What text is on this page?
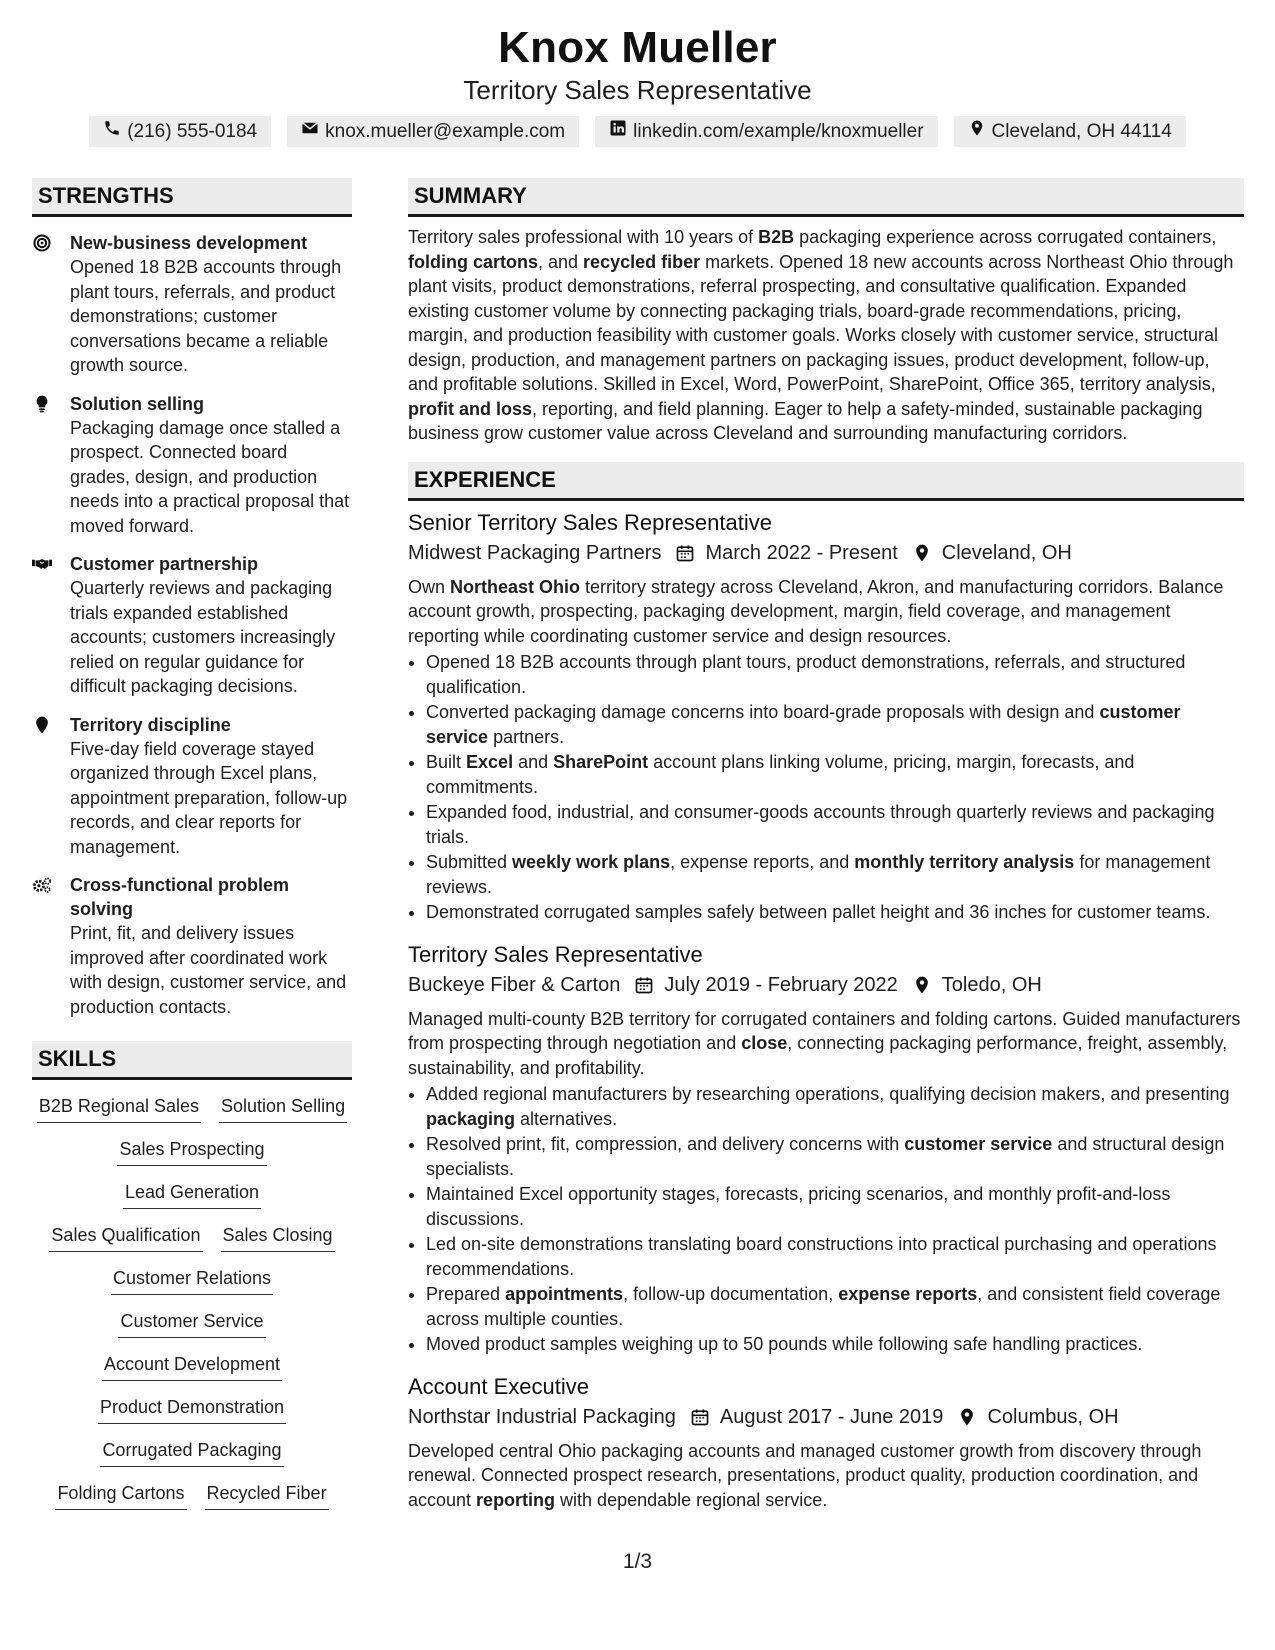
Knox Mueller
Territory Sales Representative
(216) 555-0184	knox.mueller@example.com	linkedin.com/example/knoxmueller	Cleveland, OH 44114
STRENGTHS
New-business development
Opened 18 B2B accounts through plant tours, referrals, and product demonstrations; customer conversations became a reliable growth source.
Solution selling
Packaging damage once stalled a prospect. Connected board grades, design, and production needs into a practical proposal that moved forward.
Customer partnership
Quarterly reviews and packaging trials expanded established accounts; customers increasingly relied on regular guidance for difficult packaging decisions.
Territory discipline
Five-day field coverage stayed organized through Excel plans, appointment preparation, follow-up records, and clear reports for management.
Cross-functional problem solving
Print, fit, and delivery issues improved after coordinated work with design, customer service, and production contacts.
SKILLS
B2B Regional Sales Solution Selling
Sales Prospecting
Lead Generation
Sales Qualification Sales Closing
Customer Relations
Customer Service
Account Development
Product Demonstration
Corrugated Packaging
Folding Cartons Recycled Fiber
SUMMARY

Territory sales professional with 10 years of B2B packaging experience across corrugated containers, folding cartons, and recycled fiber markets. Opened 18 new accounts across Northeast Ohio through plant visits, product demonstrations, referral prospecting, and consultative qualification. Expanded existing customer volume by connecting packaging trials, board-grade recommendations, pricing, margin, and production feasibility with customer goals. Works closely with customer service, structural design, production, and management partners on packaging issues, product development, follow-up, and profitable solutions. Skilled in Excel, Word, PowerPoint, SharePoint, Office 365, territory analysis, profit and loss, reporting, and field planning. Eager to help a safety-minded, sustainable packaging business grow customer value across Cleveland and surrounding manufacturing corridors.

EXPERIENCE
Senior Territory Sales Representative
Midwest Packaging Partners March 2022 - Present Cleveland, OH

Own Northeast Ohio territory strategy across Cleveland, Akron, and manufacturing corridors. Balance account growth, prospecting, packaging development, margin, field coverage, and management reporting while coordinating customer service and design resources.

• Opened 18 B2B accounts through plant tours, product demonstrations, referrals, and structured qualification.
• Converted packaging damage concerns into board-grade proposals with design and customer service partners.
• Built Excel and SharePoint account plans linking volume, pricing, margin, forecasts, and commitments.
• Expanded food, industrial, and consumer-goods accounts through quarterly reviews and packaging trials.
• Submitted weekly work plans, expense reports, and monthly territory analysis for management reviews.
• Demonstrated corrugated samples safely between pallet height and 36 inches for customer teams.
Territory Sales Representative
Buckeye Fiber & Carton July 2019 - February 2022 Toledo, OH

Managed multi-county B2B territory for corrugated containers and folding cartons. Guided manufacturers from prospecting through negotiation and close, connecting packaging performance, freight, assembly, sustainability, and profitability.

• Added regional manufacturers by researching operations, qualifying decision makers, and presenting packaging alternatives.
• Resolved print, fit, compression, and delivery concerns with customer service and structural design specialists.
• Maintained Excel opportunity stages, forecasts, pricing scenarios, and monthly profit-and-loss discussions.
• Led on-site demonstrations translating board constructions into practical purchasing and operations recommendations.
• Prepared appointments, follow-up documentation, expense reports, and consistent field coverage across multiple counties.
• Moved product samples weighing up to 50 pounds while following safe handling practices.
Account Executive
Northstar Industrial Packaging August 2017 - June 2019 Columbus, OH

Developed central Ohio packaging accounts and managed customer growth from discovery through renewal. Connected prospect research, presentations, product quality, production coordination, and account reporting with dependable regional service.

1/3
